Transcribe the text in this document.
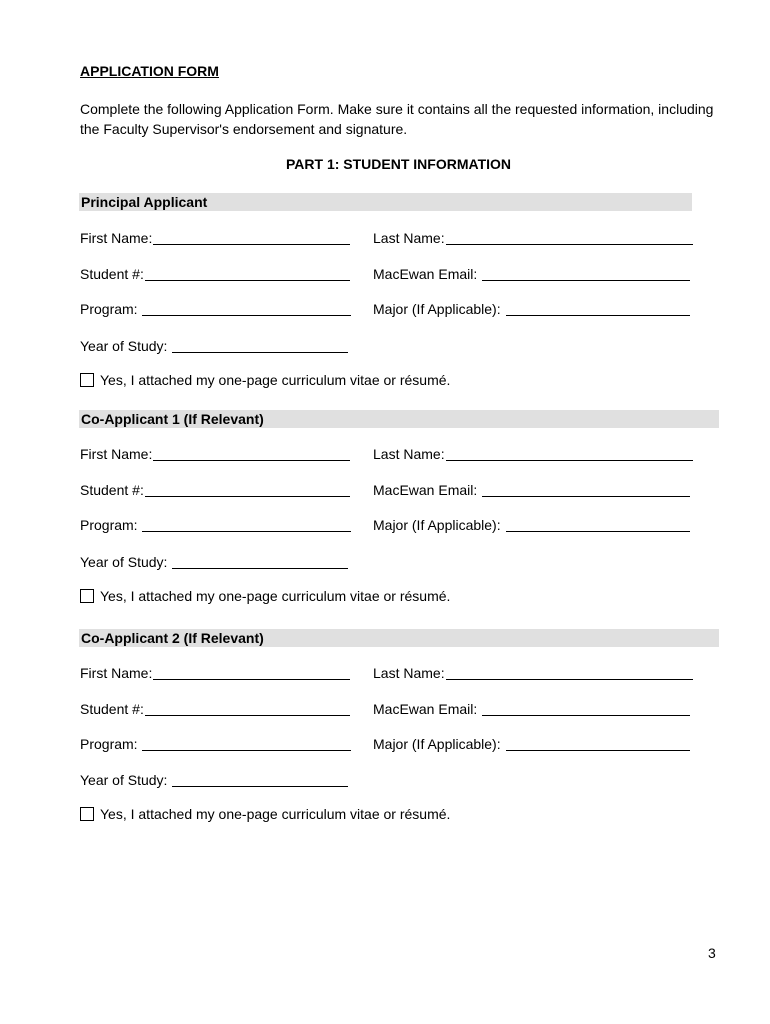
APPLICATION FORM
Complete the following Application Form. Make sure it contains all the requested information, including the Faculty Supervisor's endorsement and signature.
PART 1: STUDENT INFORMATION
Principal Applicant
First Name:	Last Name:
Student #:	MacEwan Email:
Program:	Major (If Applicable):
Year of Study:
Yes, I attached my one-page curriculum vitae or résumé.
Co-Applicant 1 (If Relevant)
First Name:	Last Name:
Student #:	MacEwan Email:
Program:	Major (If Applicable):
Year of Study:
Yes, I attached my one-page curriculum vitae or résumé.
Co-Applicant 2 (If Relevant)
First Name:	Last Name:
Student #:	MacEwan Email:
Program:	Major (If Applicable):
Year of Study:
Yes, I attached my one-page curriculum vitae or résumé.
3
